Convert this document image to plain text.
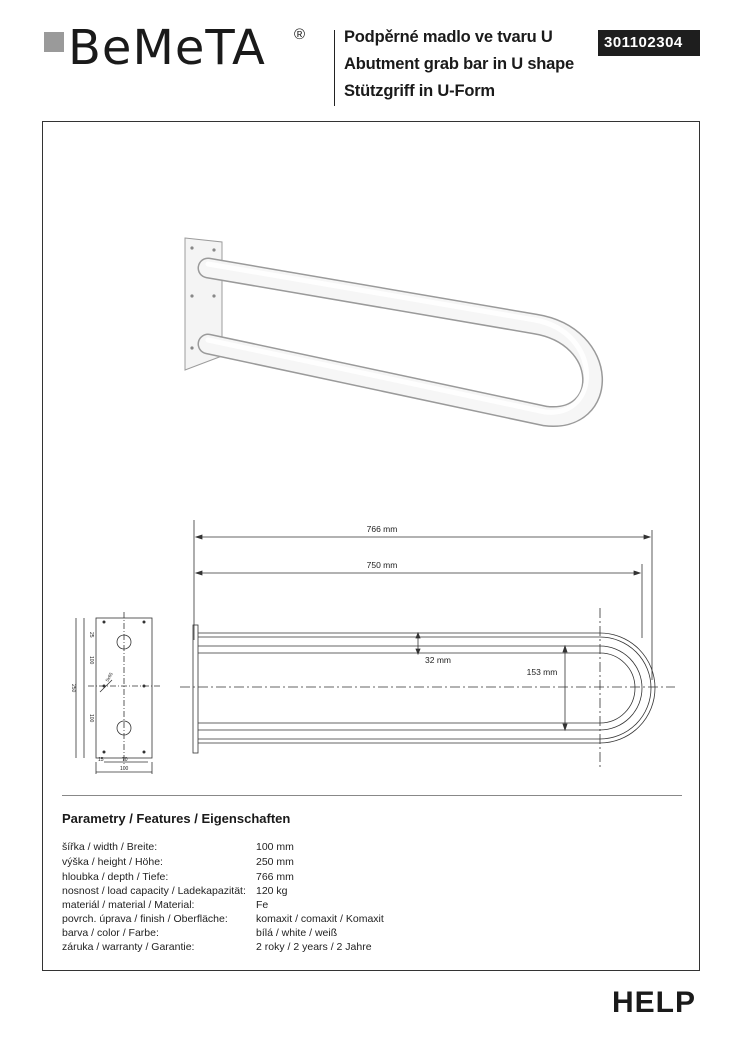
BeMeTA ® Podpěrné madlo ve tvaru U
Abutment grab bar in U shape
Stützgriff in U-Form
301102304
766 mm
750 mm
32 mm
153 mm
25
100
250
100
5x65
15	70
100
Parametry / Features / Eigenschaften
šířka / width / Breite:	100 mm
výška / height / Höhe:	250 mm
hloubka / depth / Tiefe:	766 mm
nosnost / load capacity / Ladekapazität: 120 kg
materiál / material / Material:	Fe
povrch. úprava / finish / Oberfläche:	komaxit / comaxit / Komaxit
barva / color / Farbe:	bílá / white / weiß
záruka / warranty / Garantie:	2 roky / 2 years / 2 Jahre
HELP
